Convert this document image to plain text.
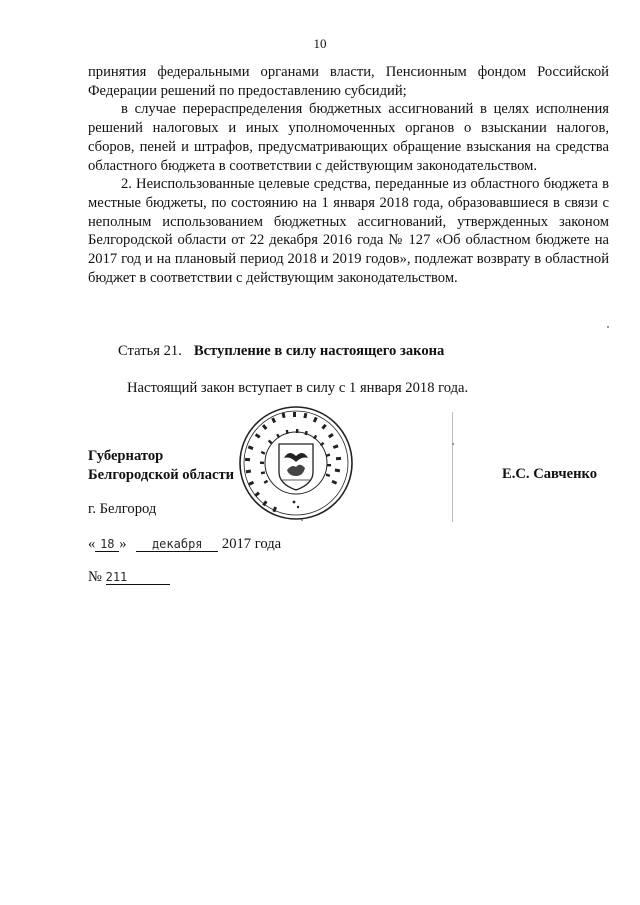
10

принятия федеральными органами власти, Пенсионным фондом Российской Федерации решений по предоставлению субсидий;

в случае перераспределения бюджетных ассигнований в целях исполнения решений налоговых и иных уполномоченных органов о взыскании налогов, сборов, пеней и штрафов, предусматривающих обращение взыскания на средства областного бюджета в соответствии с действующим законодательством.

2. Неиспользованные целевые средства, переданные из областного бюджета в местные бюджеты, по состоянию на 1 января 2018 года, образовавшиеся в связи с неполным использованием бюджетных ассигнований, утвержденных законом Белгородской области от 22 декабря 2016 года № 127 «Об областном бюджете на 2017 год и на плановый период 2018 и 2019 годов», подлежат возврату в областной бюджет в соответствии с действующим законодательством.

Статья 21. Вступление в силу настоящего закона
Настоящий закон вступает в силу с 1 января 2018 года.
Губернатор
Белгородской области	Е.С. Савченко
г. Белгород
« 18 » декабря 2017 года
№ 211
